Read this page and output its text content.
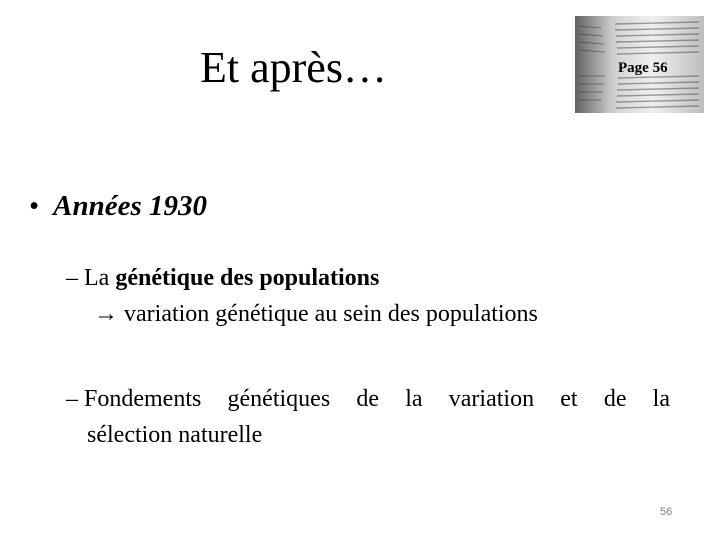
Et après…	Page 56
• Années 1930
– La génétique des populations
→ variation génétique au sein des populations
– Fondements génétiques de la variation et de la
sélection naturelle
56
